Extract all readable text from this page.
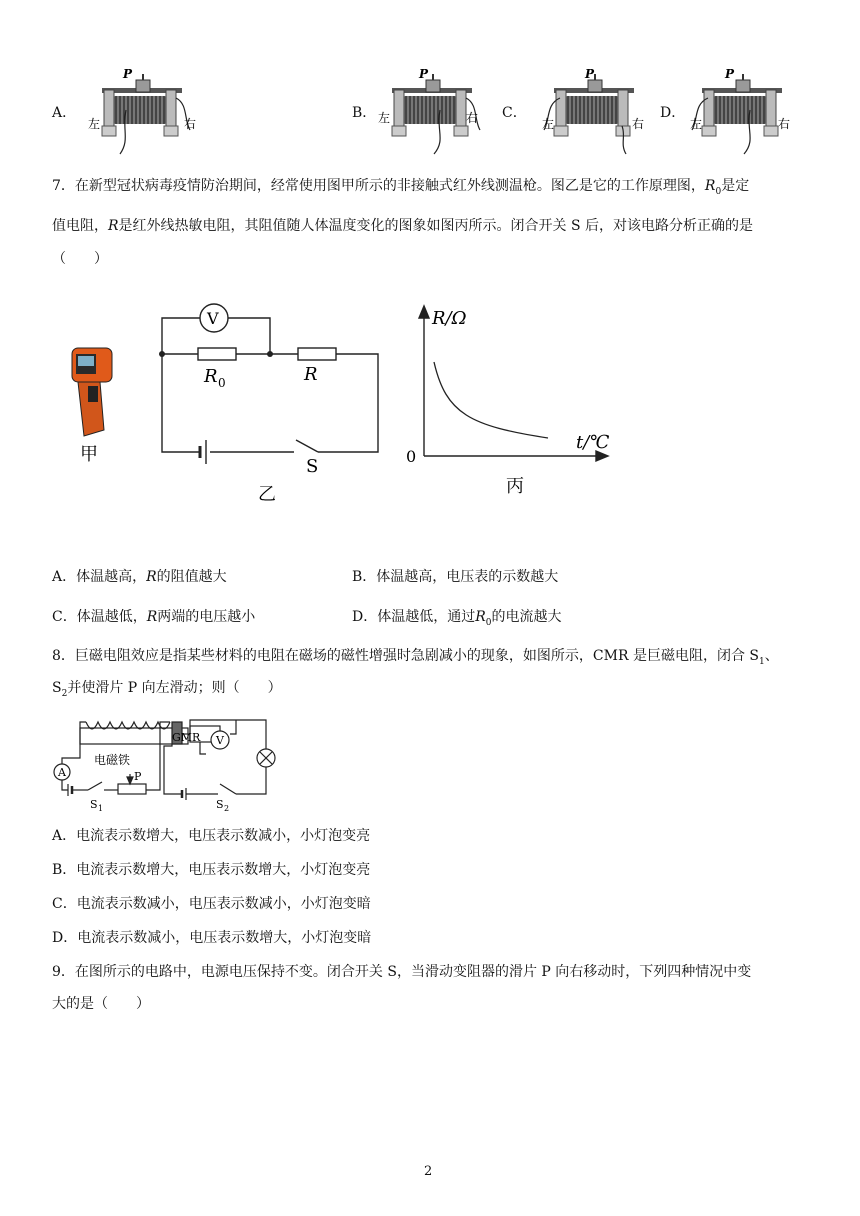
A．	B．	C．	D．
P
左	右
P
左	右
P
左	右
P
左	右
7．在新型冠状病毒疫情防治期间，经常使用图甲所示的非接触式红外线测温枪。图乙是它的工作原理图，$R_0$是定
值电阻，R是红外线热敏电阻，其阻值随人体温度变化的图象如图丙所示。闭合开关 S 后，对该电路分析正确的是
（　　）
甲
V
R 0	R
S
乙
R/Ω
t/℃
0
丙
A．体温越高，R的阻值越大	B．体温越高，电压表的示数越大
C．体温越低，R两端的电压越小	D．体温越低，通过$R_0$的电流越大
8．巨磁电阻效应是指某些材料的电阻在磁场的磁性增强时急剧减小的现象，如图所示，CMR 是巨磁电阻，闭合 $S_1$、
$S_2$并使滑片 P 向左滑动；则（　　）
GMR V
A
电磁铁
P
S 1	S 2
A．电流表示数增大，电压表示数减小，小灯泡变亮
B．电流表示数增大，电压表示数增大，小灯泡变亮
C．电流表示数减小，电压表示数减小，小灯泡变暗
D．电流表示数减小，电压表示数增大，小灯泡变暗
9．在图所示的电路中，电源电压保持不变。闭合开关 S，当滑动变阻器的滑片 P 向右移动时，下列四种情况中变
大的是（　　）
2
